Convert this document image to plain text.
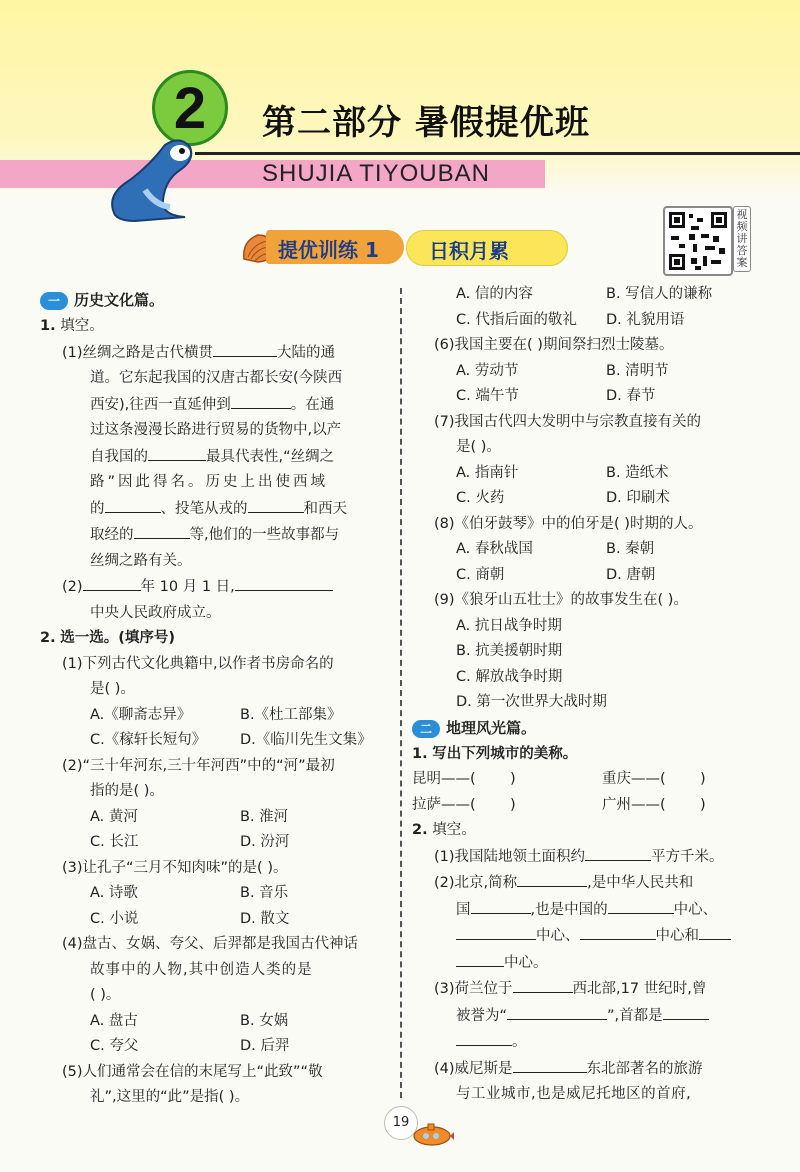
2 第二部分 暑假提优班
SHUJIA TIYOUBAN
提优训练 1	日积月累
视频讲答案
一 历史文化篇。
1. 填空。
(1)丝绸之路是古代横贯	大陆的通
道。它东起我国的汉唐古都长安(今陕西
西安),往西一直延伸到	。在通
过这条漫漫长路进行贸易的货物中,以产
自我国的	最具代表性,“丝绸之
路”因此得名。历史上出使西域
的	、投笔从戎的	和西天
取经的	等,他们的一些故事都与
丝绸之路有关。
(2)	年 10 月 1 日,
中央人民政府成立。
2. 选一选。(填序号)
(1)下列古代文化典籍中,以作者书房命名的
是( )。
A.《聊斋志异》	B.《杜工部集》
C.《稼轩长短句》	D.《临川先生文集》
(2)“三十年河东,三十年河西”中的“河”最初
指的是( )。
A. 黄河	B. 淮河
C. 长江	D. 汾河
(3)让孔子“三月不知肉味”的是( )。
A. 诗歌	B. 音乐
C. 小说	D. 散文
(4)盘古、女娲、夸父、后羿都是我国古代神话
故事中的人物,其中创造人类的是
( )。
A. 盘古	B. 女娲
C. 夸父	D. 后羿
(5)人们通常会在信的末尾写上“此致”“敬
礼”,这里的“此”是指( )。
A. 信的内容	B. 写信人的谦称
C. 代指后面的敬礼	D. 礼貌用语
(6)我国主要在( )期间祭扫烈士陵墓。
A. 劳动节	B. 清明节
C. 端午节	D. 春节
(7)我国古代四大发明中与宗教直接有关的
是( )。
A. 指南针	B. 造纸术
C. 火药	D. 印刷术
(8)《伯牙鼓琴》中的伯牙是( )时期的人。
A. 春秋战国	B. 秦朝
C. 商朝	D. 唐朝
(9)《狼牙山五壮士》的故事发生在( )。
A. 抗日战争时期
B. 抗美援朝时期
C. 解放战争时期
D. 第一次世界大战时期
二 地理风光篇。
1. 写出下列城市的美称。
昆明——(	)	重庆——(	)
拉萨——(	)	广州——(	)
2. 填空。
(1)我国陆地领土面积约	平方千米。
(2)北京,简称	,是中华人民共和
国	,也是中国的	中心、
中心、	中心和
中心。
(3)荷兰位于	西北部,17 世纪时,曾
被誉为“	”,首都是
。
(4)威尼斯是	东北部著名的旅游
与工业城市,也是威尼托地区的首府,
19
